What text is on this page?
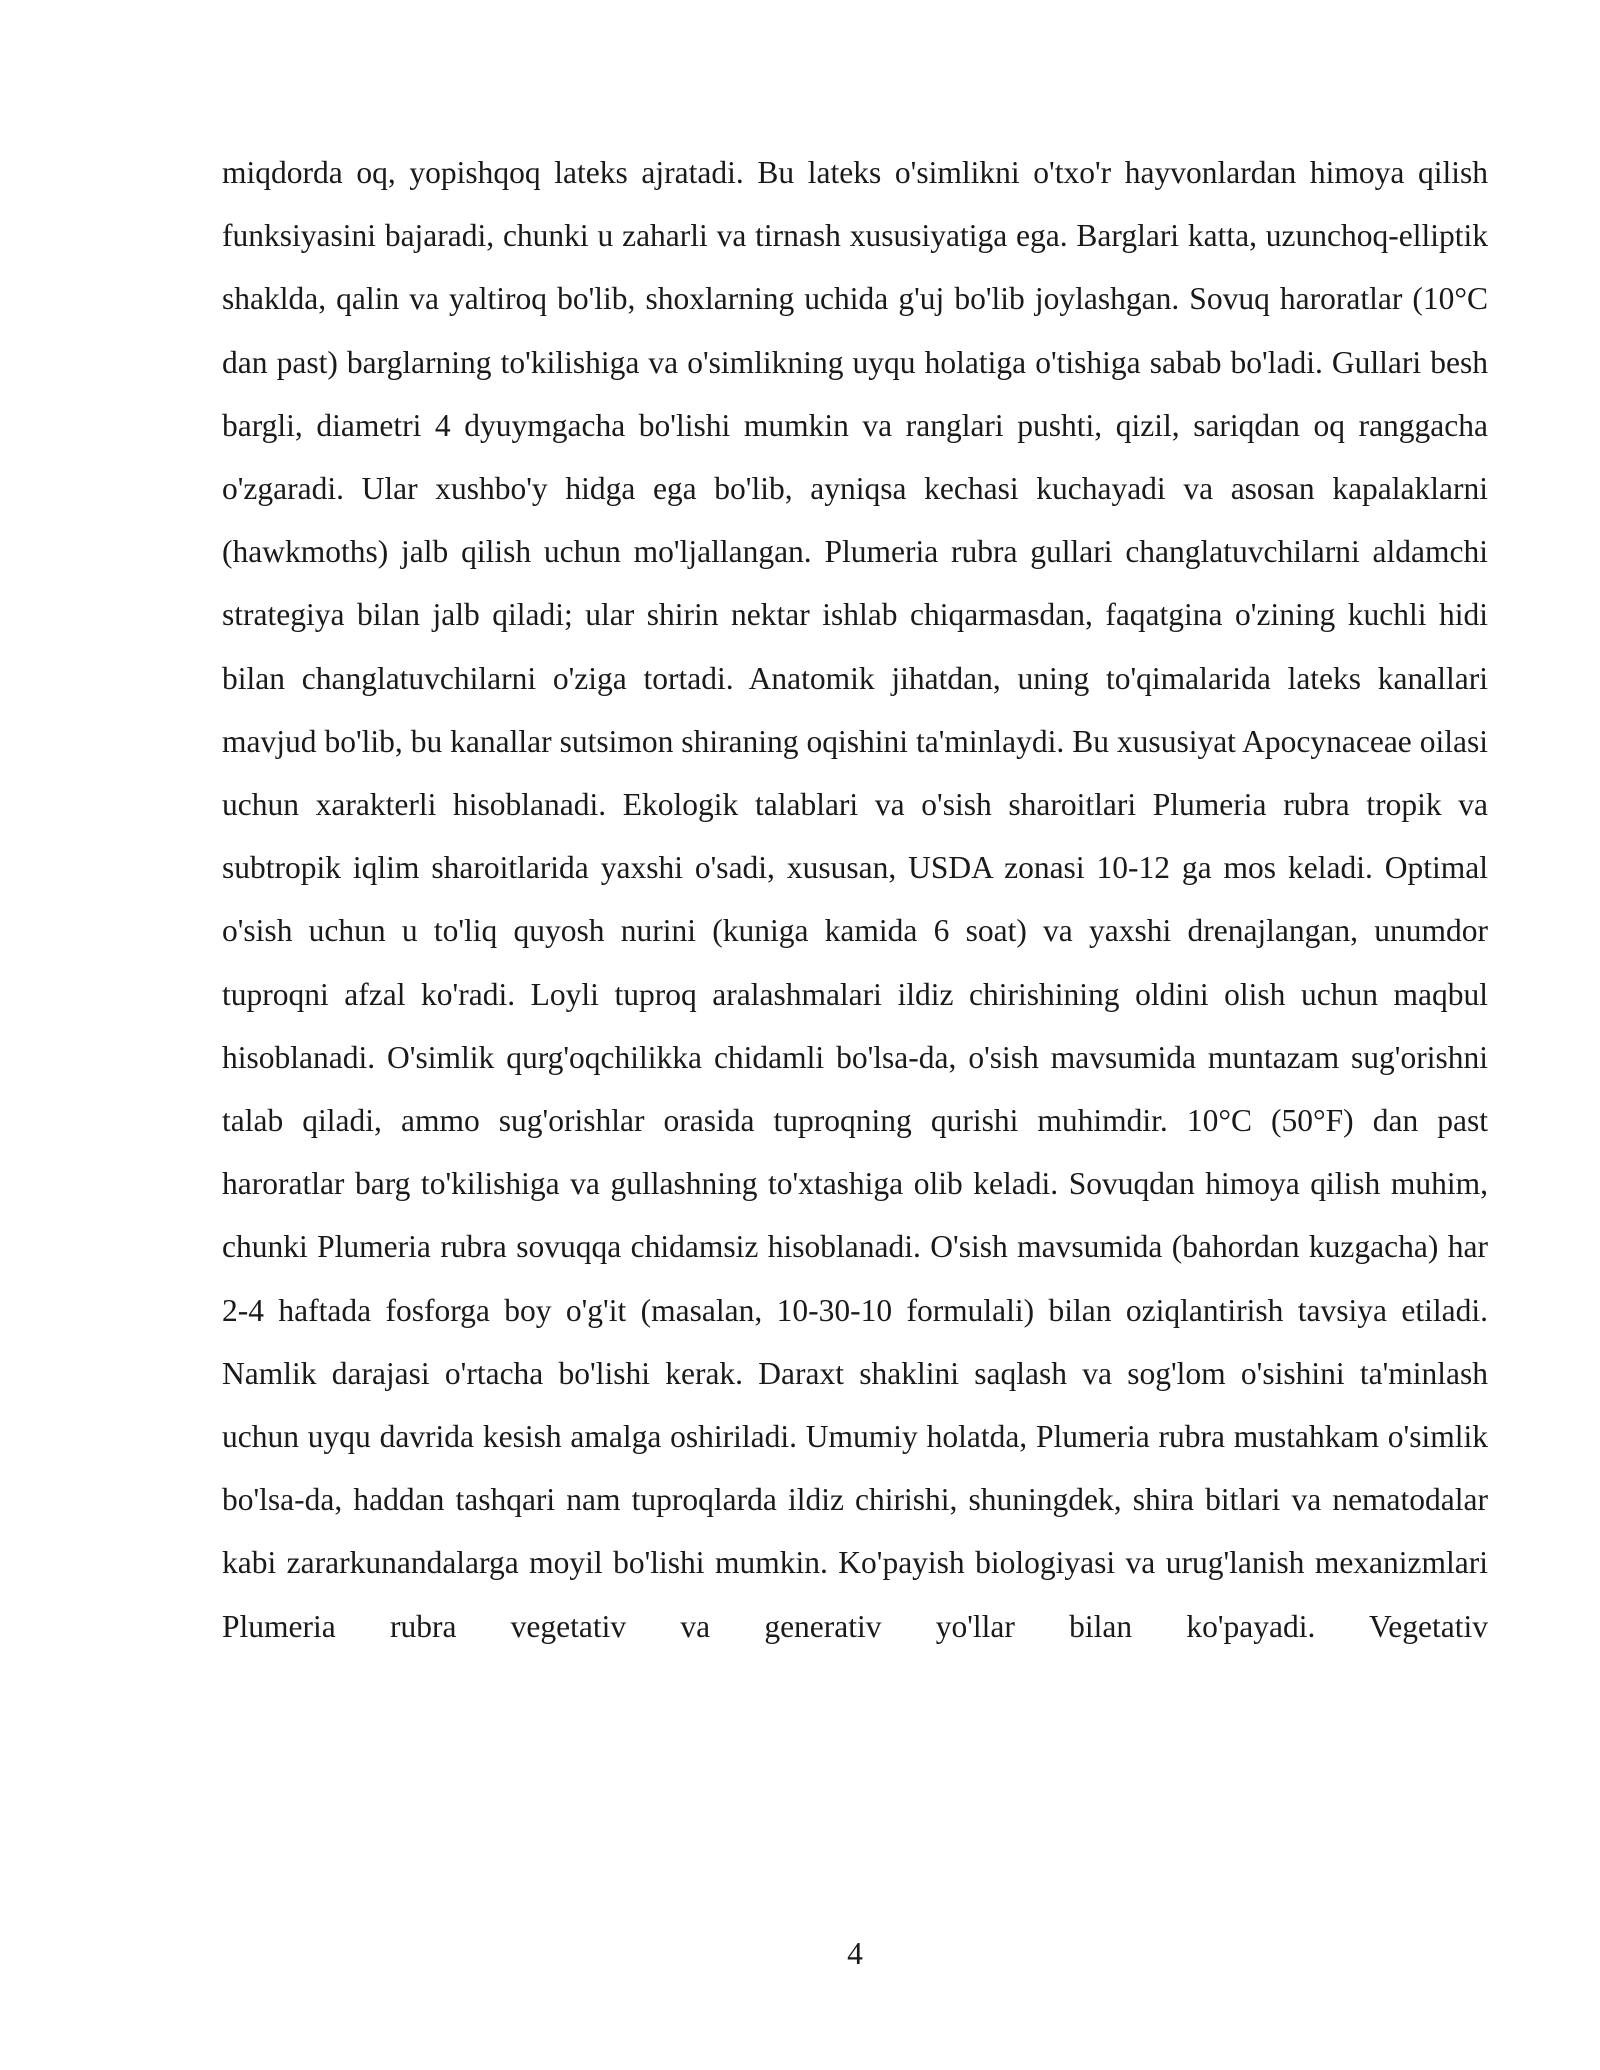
miqdorda oq, yopishqoq lateks ajratadi. Bu lateks o'simlikni o'txo'r hayvonlardan himoya qilish funksiyasini bajaradi, chunki u zaharli va tirnash xususiyatiga ega. Barglari katta, uzunchoq-elliptik shaklda, qalin va yaltiroq bo'lib, shoxlarning uchida g'uj bo'lib joylashgan. Sovuq haroratlar (10°C dan past) barglarning to'kilishiga va o'simlikning uyqu holatiga o'tishiga sabab bo'ladi. Gullari besh bargli, diametri 4 dyuymgacha bo'lishi mumkin va ranglari pushti, qizil, sariqdan oq ranggacha o'zgaradi. Ular xushbo'y hidga ega bo'lib, ayniqsa kechasi kuchayadi va asosan kapalaklarni (hawkmoths) jalb qilish uchun mo'ljallangan. Plumeria rubra gullari changlatuvchilarni aldamchi strategiya bilan jalb qiladi; ular shirin nektar ishlab chiqarmasdan, faqatgina o'zining kuchli hidi bilan changlatuvchilarni o'ziga tortadi. Anatomik jihatdan, uning to'qimalarida lateks kanallari mavjud bo'lib, bu kanallar sutsimon shiraning oqishini ta'minlaydi. Bu xususiyat Apocynaceae oilasi uchun xarakterli hisoblanadi. Ekologik talablari va o'sish sharoitlari Plumeria rubra tropik va subtropik iqlim sharoitlarida yaxshi o'sadi, xususan, USDA zonasi 10-12 ga mos keladi. Optimal o'sish uchun u to'liq quyosh nurini (kuniga kamida 6 soat) va yaxshi drenajlangan, unumdor tuproqni afzal ko'radi. Loyli tuproq aralashmalari ildiz chirishining oldini olish uchun maqbul hisoblanadi. O'simlik qurg'oqchilikka chidamli bo'lsa-da, o'sish mavsumida muntazam sug'orishni talab qiladi, ammo sug'orishlar orasida tuproqning qurishi muhimdir. 10°C (50°F) dan past haroratlar barg to'kilishiga va gullashning to'xtashiga olib keladi. Sovuqdan himoya qilish muhim, chunki Plumeria rubra sovuqqa chidamsiz hisoblanadi. O'sish mavsumida (bahordan kuzgacha) har 2-4 haftada fosforga boy o'g'it (masalan, 10-30-10 formulali) bilan oziqlantirish tavsiya etiladi. Namlik darajasi o'rtacha bo'lishi kerak. Daraxt shaklini saqlash va sog'lom o'sishini ta'minlash uchun uyqu davrida kesish amalga oshiriladi. Umumiy holatda, Plumeria rubra mustahkam o'simlik bo'lsa-da, haddan tashqari nam tuproqlarda ildiz chirishi, shuningdek, shira bitlari va nematodalar kabi zararkunandalarga moyil bo'lishi mumkin. Ko'payish biologiyasi va urug'lanish mexanizmlari Plumeria rubra vegetativ va generativ yo'llar bilan ko'payadi. Vegetativ

4
